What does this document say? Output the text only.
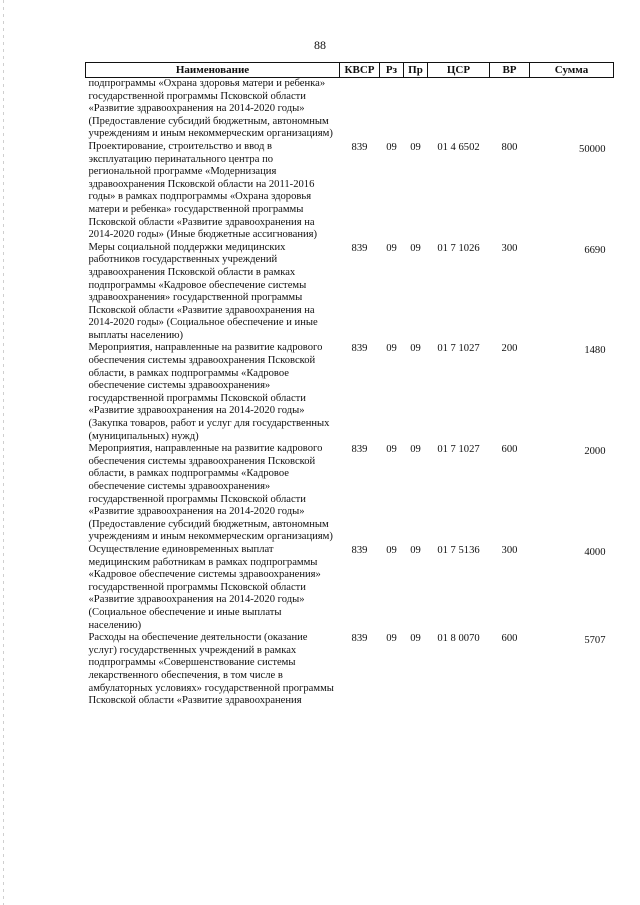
88
Наименование	КВСР	Рз	Пр	ЦСР	ВР	Сумма
подпрограммы «Охрана здоровья матери и ребенка» государственной программы Псковской области «Развитие здравоохранения на 2014-2020 годы» (Предоставление субсидий бюджетным, автономным учреждениям и иным некоммерческим организациям)						
Проектирование, строительство и ввод в эксплуатацию перинатального центра по региональной программе «Модернизация здравоохранения Псковской области на 2011-2016 годы» в рамках подпрограммы «Охрана здоровья матери и ребенка» государственной программы Псковской области «Развитие здравоохранения на 2014-2020 годы» (Иные бюджетные ассигнования)	839	09	09	01 4 6502	800	50000
Меры социальной поддержки медицинских работников государственных учреждений здравоохранения Псковской области в рамках подпрограммы «Кадровое обеспечение системы здравоохранения» государственной программы Псковской области «Развитие здравоохранения на 2014-2020 годы» (Социальное обеспечение и иные выплаты населению)	839	09	09	01 7 1026	300	6690
Мероприятия, направленные на развитие кадрового обеспечения системы здравоохранения Псковской области, в рамках подпрограммы «Кадровое обеспечение системы здравоохранения» государственной программы Псковской области «Развитие здравоохранения на 2014-2020 годы» (Закупка товаров, работ и услуг для государственных (муниципальных) нужд)	839	09	09	01 7 1027	200	1480
Мероприятия, направленные на развитие кадрового обеспечения системы здравоохранения Псковской области, в рамках подпрограммы «Кадровое обеспечение системы здравоохранения» государственной программы Псковской области «Развитие здравоохранения на 2014-2020 годы» (Предоставление субсидий бюджетным, автономным учреждениям и иным некоммерческим организациям)	839	09	09	01 7 1027	600	2000
Осуществление единовременных выплат медицинским работникам в рамках подпрограммы «Кадровое обеспечение системы здравоохранения» государственной программы Псковской области «Развитие здравоохранения на 2014-2020 годы» (Социальное обеспечение и иные выплаты населению)	839	09	09	01 7 5136	300	4000
Расходы на обеспечение деятельности (оказание услуг) государственных учреждений в рамках подпрограммы «Совершенствование системы лекарственного обеспечения, в том числе в амбулаторных условиях» государственной программы Псковской области «Развитие здравоохранения	839	09	09	01 8 0070	600	5707
